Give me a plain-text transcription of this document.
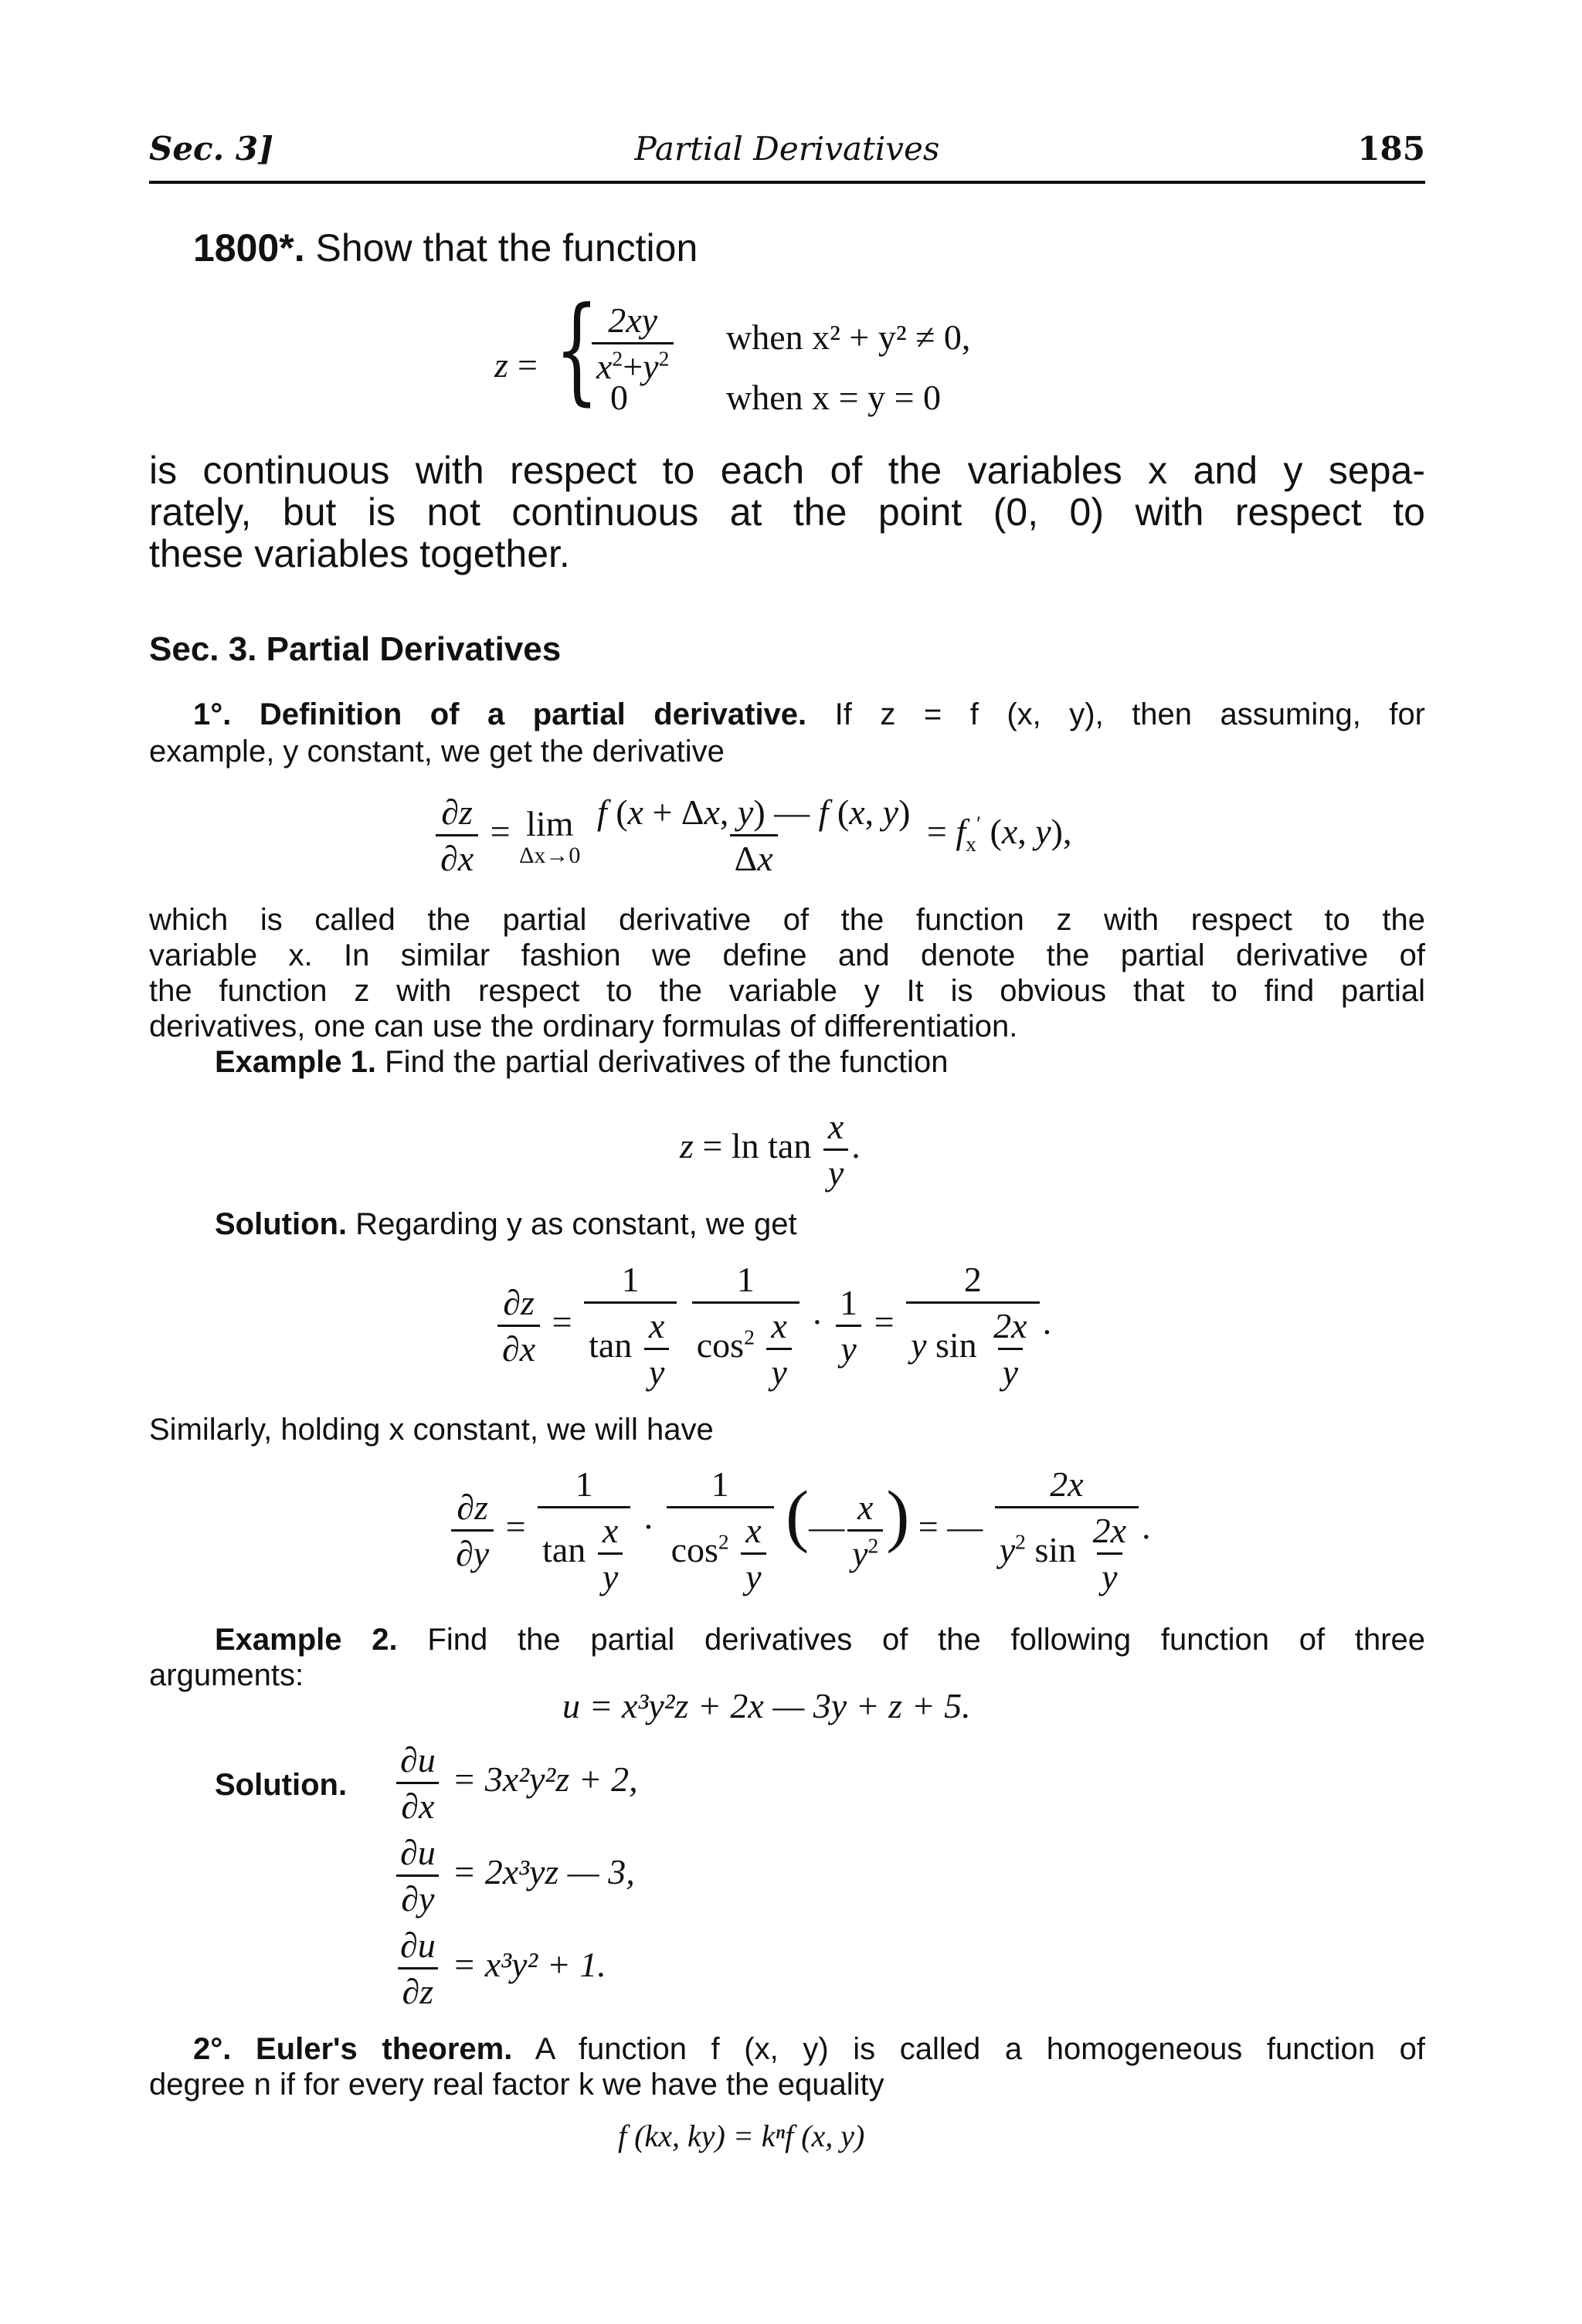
Sec. 3]	Partial Derivatives	185
1800*. Show that the function
z = {
$\frac{2xy}{x^2+y^2}$ when x² + y² ≠ 0,
0	when x = y = 0
is continuous with respect to each of the variables x and y sepa-
rately, but is not continuous at the point (0, 0) with respect to
these variables together.
Sec. 3. Partial Derivatives
1°. Definition of a partial derivative. If z = f (x, y), then assuming, for
example, y constant, we get the derivative
$\frac{\partial z}{\partial x} = \lim$
Δx→0
$\frac{f (x + \Delta x, y) — f (x, y)}{\Delta x} = f_x'$ (x, y),
which is called the partial derivative of the function z with respect to the
variable x. In similar fashion we define and denote the partial derivative of
the function z with respect to the variable y It is obvious that to find partial
derivatives, one can use the ordinary formulas of differentiation.
Example 1. Find the partial derivatives of the function
$z = \ln \tan \frac{x}{y}$ .
Solution. Regarding y as constant, we get
$\frac{\partial z}{\partial x} = \frac{1}{\tan \frac{x}{y}}$
$\frac{1}{\cos^2 \frac{x}{y}} \cdot \frac{1}{y} = \frac{2}{y \sin \frac{2x}{y}}$ .
Similarly, holding x constant, we will have
$\frac{\partial z}{\partial y} = \frac{1}{\tan \frac{x}{y}} \cdot \frac{1}{\cos^2 \frac{x}{y}}$ (— $\frac{x}{y^2}$ ) = — $\frac{2x}{y^2 \sin \frac{2x}{y}}$ .
Example 2. Find the partial derivatives of the following function of three
arguments:
u = x³y²z + 2x — 3y + z + 5.
Solution. $\frac{\partial u}{\partial x} = 3x^2y^2z + 2$,
$\frac{\partial u}{\partial y} = 2x^3yz$ — 3,
$\frac{\partial u}{\partial z} = x^3y^2 + 1$.
2°. Euler's theorem. A function f (x, y) is called a homogeneous function of
degree n if for every real factor k we have the equality
f (kx, ky) = kⁿf (x, y)
